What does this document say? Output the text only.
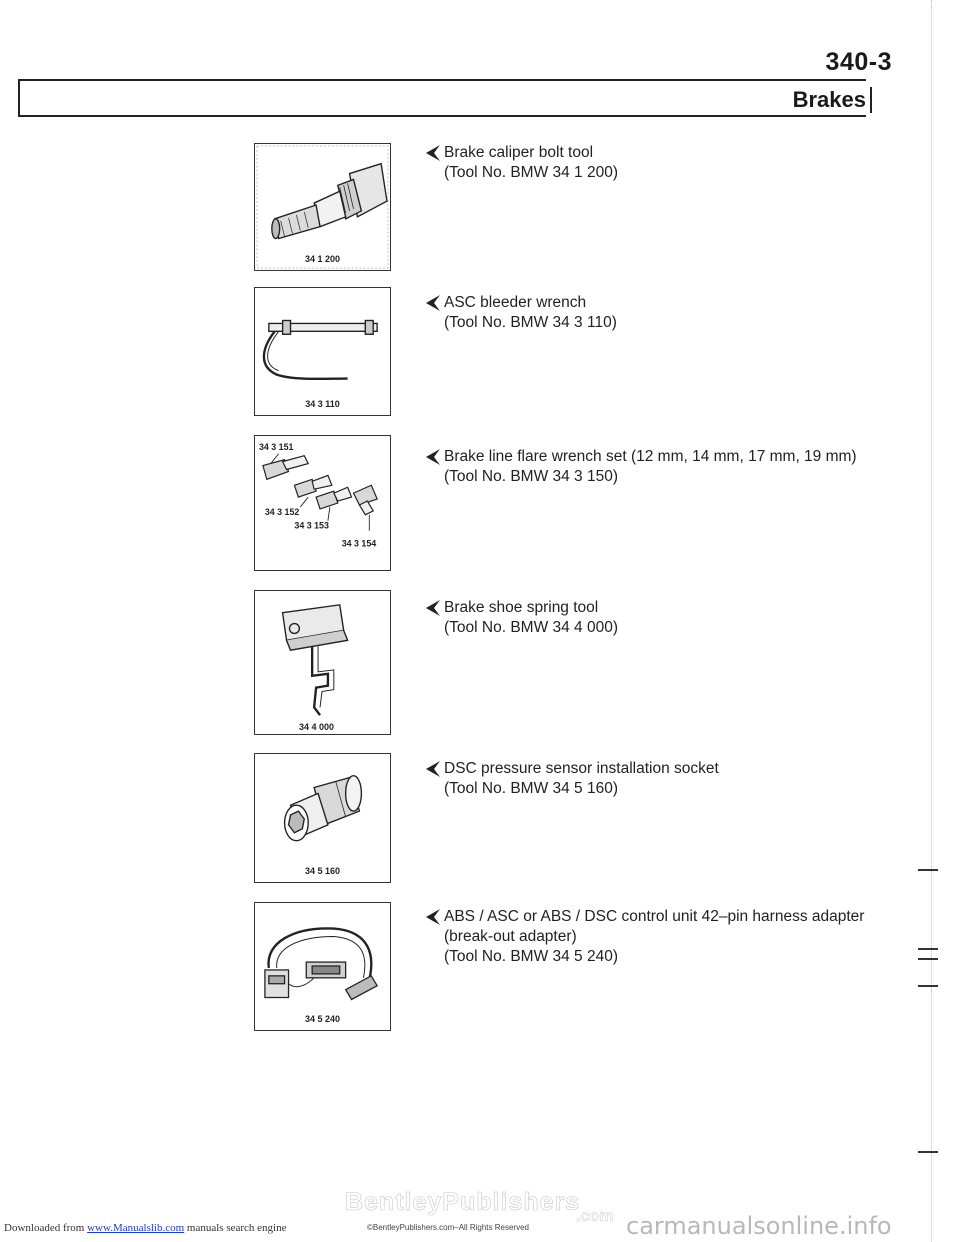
340-3
Brakes
34 1 200
34 3 110
34 3 151
34 3 152
34 3 153
34 3 154
34 4 000
34 5 160
34 5 240
Brake caliper bolt tool
(Tool No. BMW 34 1 200)
ASC bleeder wrench
(Tool No. BMW 34 3 110)
Brake line flare wrench set (12 mm, 14 mm, 17 mm, 19 mm)
(Tool No. BMW 34 3 150)
Brake shoe spring tool
(Tool No. BMW 34 4 000)
DSC pressure sensor installation socket
(Tool No. BMW 34 5 160)
ABS / ASC or ABS / DSC control unit 42–pin harness adapter
(break-out adapter)
(Tool No. BMW 34 5 240)
BentleyPublishers
.com carmanualsonline.info
Downloaded from www.Manualslib.com manuals search engine	©BentleyPublishers.com–All Rights Reserved
